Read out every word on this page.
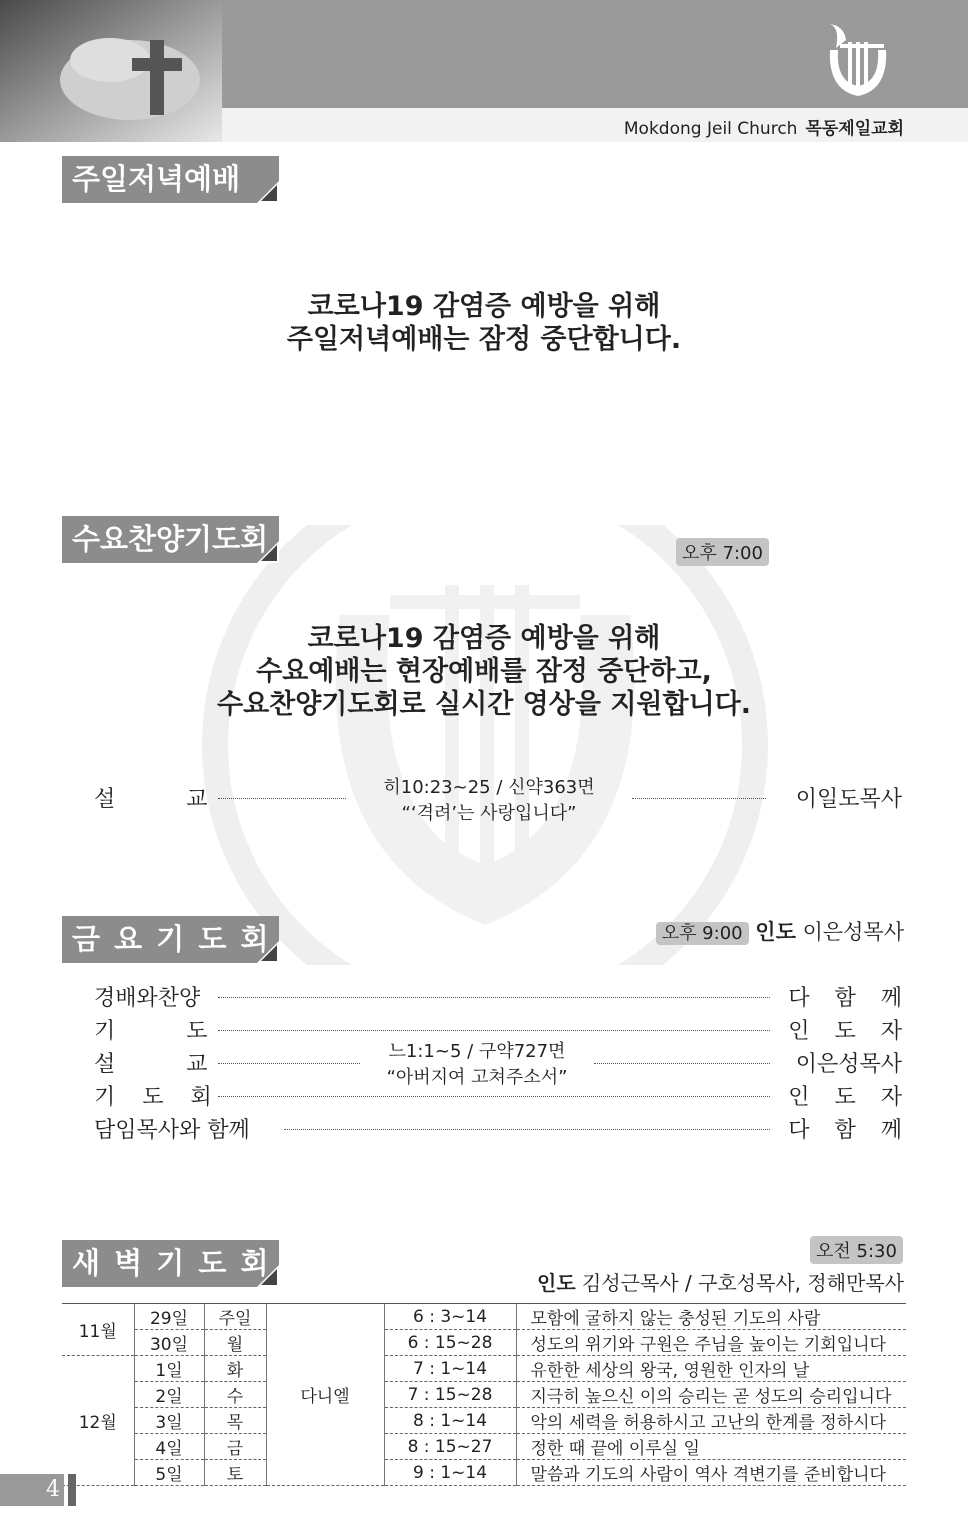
Mokdong Jeil Church 목동제일교회
주일저녁예배
코로나19 감염증 예방을 위해
주일저녁예배는 잠정 중단합니다.
수요찬양기도회	오후 7:00
코로나19 감염증 예방을 위해
수요예배는 현장예배를 잠정 중단하고,
수요찬양기도회로 실시간 영상을 지원합니다.
설 교	이일도목사
히10:23~25 / 신약363면
“‘격려’는 사랑입니다”
금 요 기 도 회	오후 9:00 인도 이은성목사
경배와찬양	다 함 께
기 도	인 도 자
설 교	이은성목사
느1:1~5 / 구약727면
“아버지여 고쳐주소서”
기 도 회	인 도 자
담임목사와 함께	다 함 께
새 벽 기 도 회	오전 5:30
인도 김성근목사 / 구호성목사, 정해만목사
11월	29일	주일	다니엘	6 : 3~14	모함에 굴하지 않는 충성된 기도의 사람
	30일	월		6 : 15~28	성도의 위기와 구원은 주님을 높이는 기회입니다
12월	1일	화		7 : 1~14	유한한 세상의 왕국, 영원한 인자의 날
	2일	수		7 : 15~28	지극히 높으신 이의 승리는 곧 성도의 승리입니다
	3일	목		8 : 1~14	악의 세력을 허용하시고 고난의 한계를 정하시다
	4일	금		8 : 15~27	정한 때 끝에 이루실 일
	5일	토		9 : 1~14	말씀과 기도의 사람이 역사 격변기를 준비합니다
4
